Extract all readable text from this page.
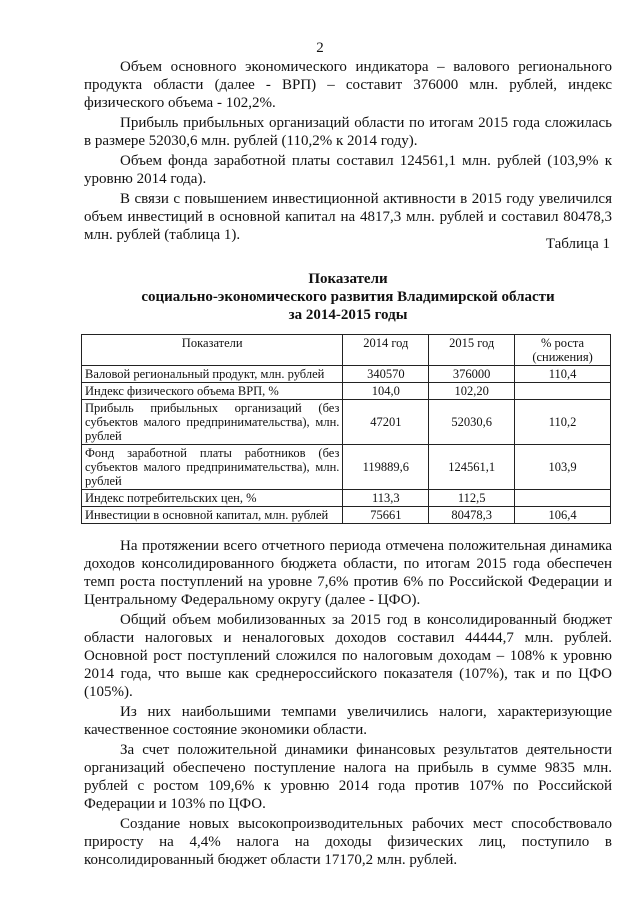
2

Объем основного экономического индикатора – валового регионального продукта области (далее - ВРП) – составит 376000 млн. рублей, индекс физического объема - 102,2%.

Прибыль прибыльных организаций области по итогам 2015 года сложилась в размере 52030,6 млн. рублей (110,2% к 2014 году).

Объем фонда заработной платы составил 124561,1 млн. рублей (103,9% к уровню 2014 года).

В связи с повышением инвестиционной активности в 2015 году увеличился объем инвестиций в основной капитал на 4817,3 млн. рублей и составил 80478,3 млн. рублей (таблица 1).

Таблица 1
Показатели
социально-экономического развития Владимирской области
за 2014-2015 годы
Показатели	2014 год	2015 год	% роста (снижения)
Валовой региональный продукт, млн. рублей	340570	376000	110,4
Индекс физического объема ВРП, %	104,0	102,20	
Прибыль прибыльных организаций (без субъектов малого предпринимательства), млн. рублей	47201	52030,6	110,2
Фонд заработной платы работников (без субъектов малого предпринимательства), млн. рублей	119889,6	124561,1	103,9
Индекс потребительских цен, %	113,3	112,5	
Инвестиции в основной капитал, млн. рублей	75661	80478,3	106,4

На протяжении всего отчетного периода отмечена положительная динамика доходов консолидированного бюджета области, по итогам 2015 года обеспечен темп роста поступлений на уровне 7,6% против 6% по Российской Федерации и Центральному Федеральному округу (далее - ЦФО).

Общий объем мобилизованных за 2015 год в консолидированный бюджет области налоговых и неналоговых доходов составил 44444,7 млн. рублей. Основной рост поступлений сложился по налоговым доходам – 108% к уровню 2014 года, что выше как среднероссийского показателя (107%), так и по ЦФО (105%).

Из них наибольшими темпами увеличились налоги, характеризующие качественное состояние экономики области.

За счет положительной динамики финансовых результатов деятельности организаций обеспечено поступление налога на прибыль в сумме 9835 млн. рублей с ростом 109,6% к уровню 2014 года против 107% по Российской Федерации и 103% по ЦФО.

Создание новых высокопроизводительных рабочих мест способствовало приросту на 4,4% налога на доходы физических лиц, поступило в консолидированный бюджет области 17170,2 млн. рублей.
